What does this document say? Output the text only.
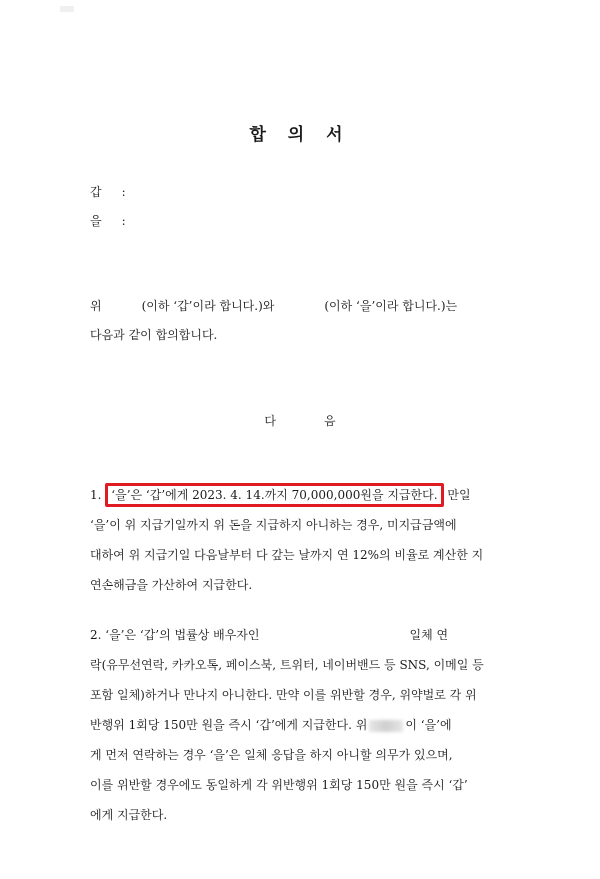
합 의 서
갑 :
을 :
위	(이하 ‘갑’이라 합니다.)와	(이하 ‘을’이라 합니다.)는
다음과 같이 합의합니다.
다	음
1. ‘을’은 ‘갑’에게 2023. 4. 14.까지 70,000,000원을 지급한다. 만일
‘을’이 위 지급기일까지 위 돈을 지급하지 아니하는 경우, 미지급금액에
대하여 위 지급기일 다음날부터 다 갚는 날까지 연 12%의 비율로 계산한 지
연손해금을 가산하여 지급한다.
2. ‘을’은 ‘갑’의 법률상 배우자인	일체 연
락(유무선연락, 카카오톡, 페이스북, 트위터, 네이버밴드 등 SNS, 이메일 등
포함 일체)하거나 만나지 아니한다. 만약 이를 위반할 경우, 위약벌로 각 위
반행위 1회당 150만 원을 즉시 ‘갑’에게 지급한다. 위	이 ‘을’에
게 먼저 연락하는 경우 ‘을’은 일체 응답을 하지 아니할 의무가 있으며,
이를 위반할 경우에도 동일하게 각 위반행위 1회당 150만 원을 즉시 ‘갑’
에게 지급한다.
